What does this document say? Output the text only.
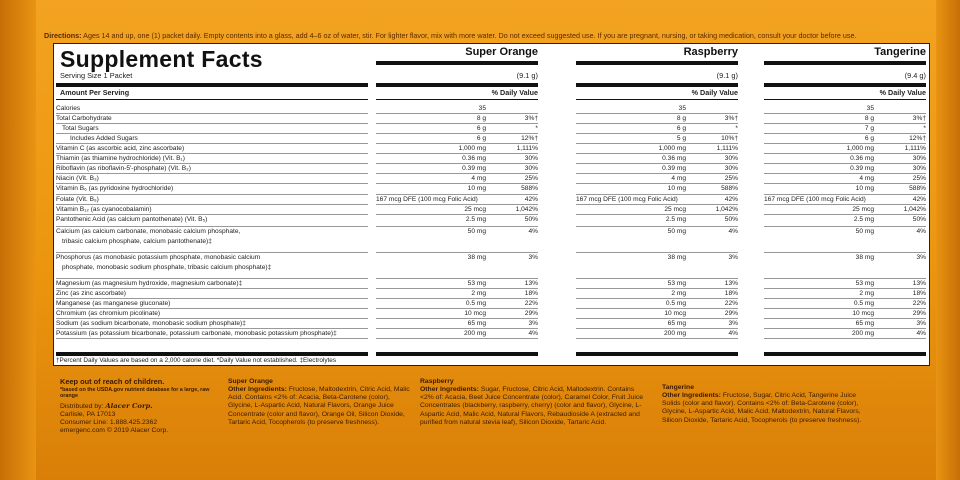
Directions: Ages 14 and up, one (1) packet daily. Empty contents into a glass, add 4–6 oz of water, stir. For lighter flavor, mix with more water. Do not exceed suggested use. If you are pregnant, nursing, or taking medication, consult your doctor before use.
Supplement Facts
Serving Size 1 Packet
Amount Per Serving
Super Orange
(9.1 g)
% Daily Value
Raspberry
(9.1 g)
% Daily Value
Tangerine
(9.4 g)
% Daily Value
Calories	35	35	35
Total Carbohydrate	8 g	3%†	8 g	3%†	8 g	3%†
Total Sugars	6 g	*	6 g	*	7 g	*
Includes Added Sugars	6 g	12%†	5 g	10%†	6 g	12%†
Vitamin C (as ascorbic acid, zinc ascorbate)	1,000 mg	1,111%	1,000 mg	1,111%	1,000 mg	1,111%
Thiamin (as thiamine hydrochloride) (Vit. B₁)	0.36 mg	30%	0.36 mg	30%	0.36 mg	30%
Riboflavin (as riboflavin-5'-phosphate) (Vit. B₂)	0.39 mg	30%	0.39 mg	30%	0.39 mg	30%
Niacin (Vit. B₃)	4 mg	25%	4 mg	25%	4 mg	25%
Vitamin B₆ (as pyridoxine hydrochloride)	10 mg	588%	10 mg	588%	10 mg	588%
Folate (Vit. B₉)	167 mcg DFE (100 mcg Folic Acid)	42%	167 mcg DFE (100 mcg Folic Acid)	42%	167 mcg DFE (100 mcg Folic Acid)	42%
Vitamin B₁₂ (as cyanocobalamin)	25 mcg	1,042%	25 mcg	1,042%	25 mcg	1,042%
Pantothenic Acid (as calcium pantothenate) (Vit. B₅)	2.5 mg	50%	2.5 mg	50%	2.5 mg	50%
Calcium (as calcium carbonate, monobasic calcium phosphate,
tribasic calcium phosphate, calcium pantothenate)‡
50 mg	4%	50 mg	4%	50 mg	4%
Phosphorus (as monobasic potassium phosphate, monobasic calcium
phosphate, monobasic sodium phosphate, tribasic calcium phosphate)‡
38 mg	3%	38 mg	3%	38 mg	3%
Magnesium (as magnesium hydroxide, magnesium carbonate)‡	53 mg	13%	53 mg	13%	53 mg	13%
Zinc (as zinc ascorbate)	2 mg	18%	2 mg	18%	2 mg	18%
Manganese (as manganese gluconate)	0.5 mg	22%	0.5 mg	22%	0.5 mg	22%
Chromium (as chromium picolinate)	10 mcg	29%	10 mcg	29%	10 mcg	29%
Sodium (as sodium bicarbonate, monobasic sodium phosphate)‡	65 mg	3%	65 mg	3%	65 mg	3%
Potassium (as potassium bicarbonate, potassium carbonate, monobasic potassium phosphate)‡	200 mg	4%	200 mg	4%	200 mg	4%
†Percent Daily Values are based on a 2,000 calorie diet. *Daily Value not established. ‡Electrolytes
Keep out of reach of children.
*based on the USDA.gov nutrient database for a large, raw orange
Distributed by: Alacer Corp.
Carlisle, PA 17013
Consumer Line: 1.888.425.2362
emergenc.com © 2019 Alacer Corp.
Super Orange
Other Ingredients: Fructose, Maltodextrin, Citric Acid, Malic Acid. Contains <2% of: Acacia, Beta-Carotene (color), Glycine, L-Aspartic Acid, Natural Flavors, Orange Juice Concentrate (color and flavor), Orange Oil, Silicon Dioxide, Tartaric Acid, Tocopherols (to preserve freshness).
Raspberry
Other Ingredients: Sugar, Fructose, Citric Acid, Maltodextrin. Contains <2% of: Acacia, Beet Juice Concentrate (color), Caramel Color, Fruit Juice Concentrates (blackberry, raspberry, cherry) (color and flavor), Glycine, L-Aspartic Acid, Malic Acid, Natural Flavors, Rebaudioside A (extracted and purified from natural stevia leaf), Silicon Dioxide, Tartaric Acid.
Tangerine
Other Ingredients: Fructose, Sugar, Citric Acid, Tangerine Juice Solids (color and flavor). Contains <2% of: Beta-Carotene (color), Glycine, L-Aspartic Acid, Malic Acid, Maltodextrin, Natural Flavors, Silicon Dioxide, Tartaric Acid, Tocopherols (to preserve freshness).
